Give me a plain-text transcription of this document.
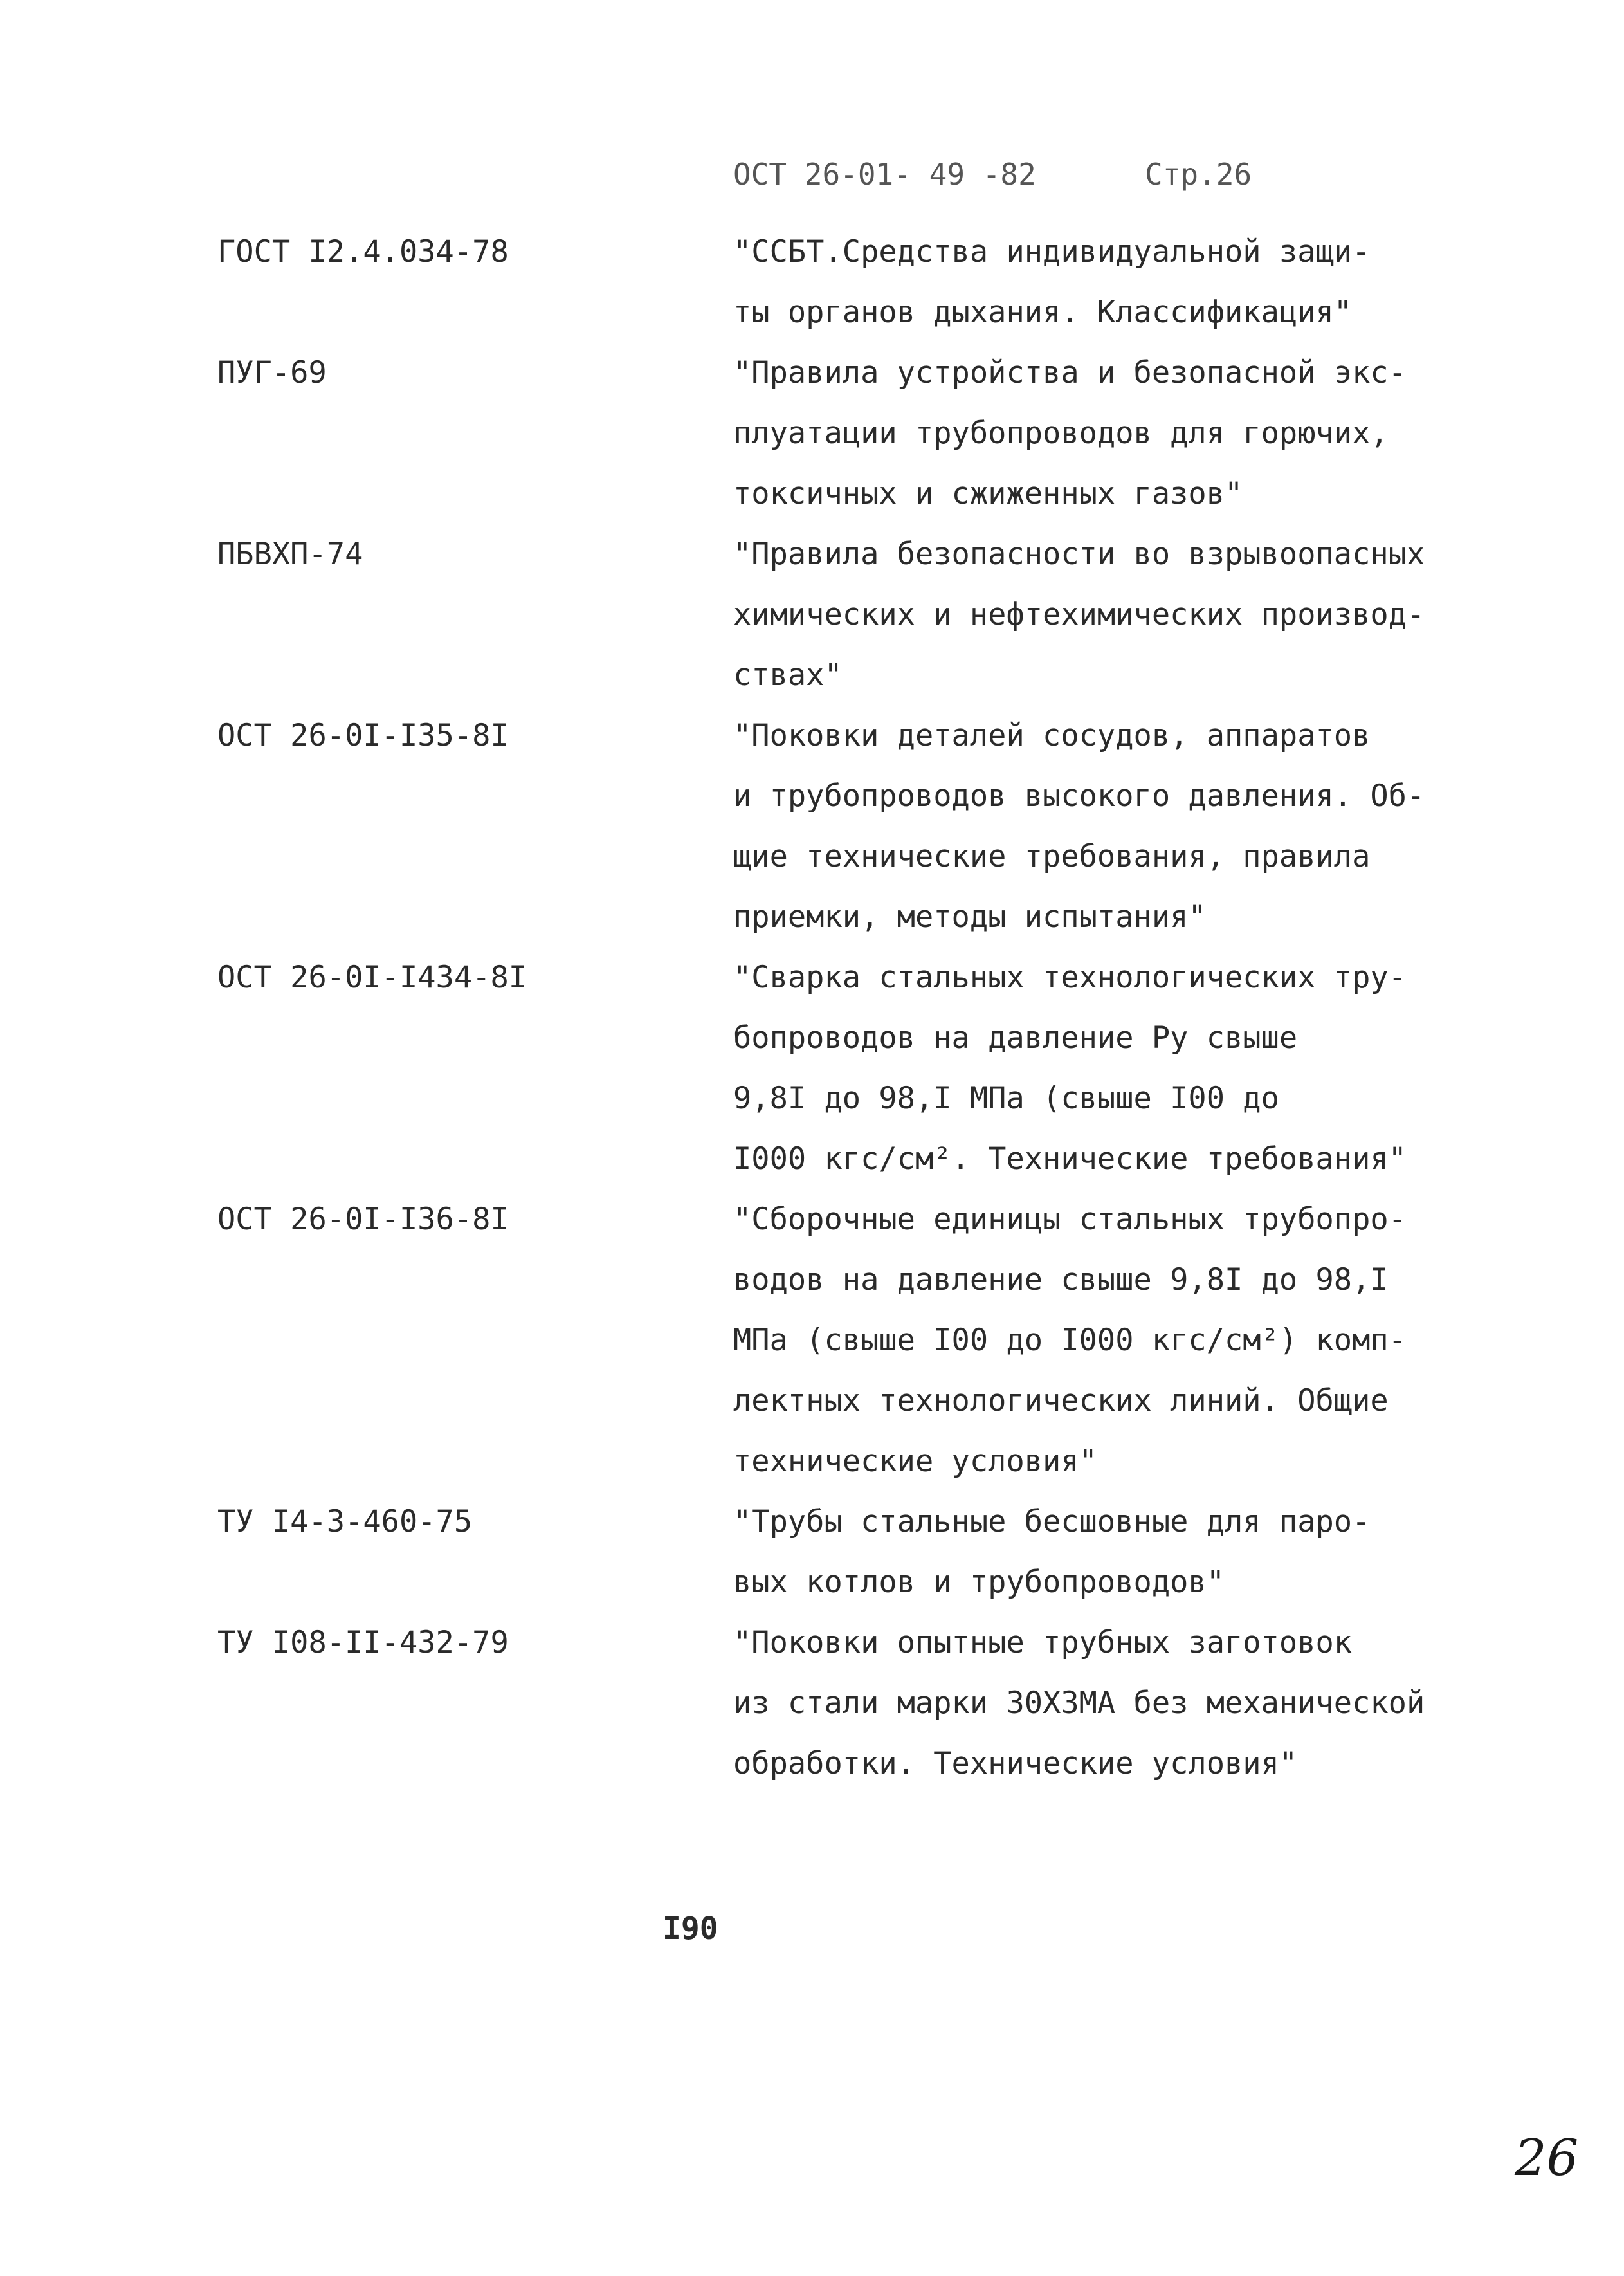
ОСТ 26-01- 49 -82	Стр.26
ГОСТ I2.4.034-78	"ССБТ.Средства индивидуальной защи-
ты органов дыхания. Классификация"
ПУГ-69	"Правила устройства и безопасной экс-
плуатации трубопроводов для горючих,
токсичных и сжиженных газов"
ПБВХП-74	"Правила безопасности во взрывоопасных
химических и нефтехимических производ-
ствах"
ОСТ 26-0I-I35-8I	"Поковки деталей сосудов, аппаратов
и трубопроводов высокого давления. Об-
щие технические требования, правила
приемки, методы испытания"
ОСТ 26-0I-I434-8I	"Сварка стальных технологических тру-
бопроводов на давление Ру свыше
9,8I до 98,I МПа (свыше I00 до
I000 кгс/см². Технические требования"
ОСТ 26-0I-I36-8I	"Сборочные единицы стальных трубопро-
водов на давление свыше 9,8I до 98,I
МПа (свыше I00 до I000 кгс/см²) комп-
лектных технологических линий. Общие
технические условия"
ТУ I4-3-460-75	"Трубы стальные бесшовные для паро-
вых котлов и трубопроводов"
ТУ I08-II-432-79	"Поковки опытные трубных заготовок
из стали марки 30ХЗМА без механической
обработки. Технические условия"
I90
26
